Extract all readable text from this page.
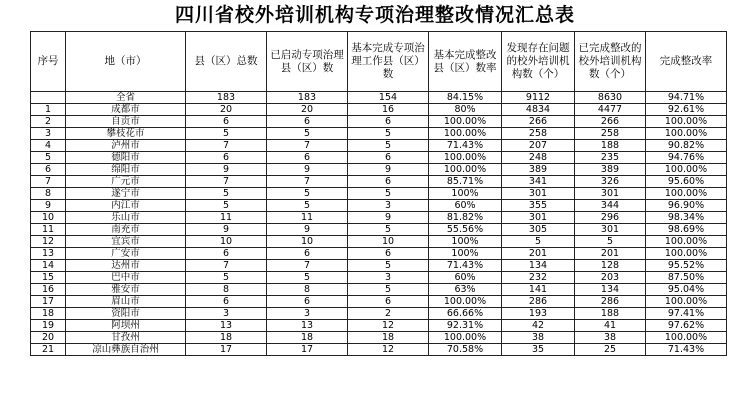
四川省校外培训机构专项治理整改情况汇总表
序号	地（市）	县（区）总数	已启动专项治理县（区）数	基本完成专项治理工作县（区）数	基本完成整改县（区）数率	发现存在问题的校外培训机构数（个）	已完成整改的校外培训机构数（个）	完成整改率
	全省	183	183	154	84.15%	9112	8630	94.71%
1	成都市	20	20	16	80%	4834	4477	92.61%
2	自贡市	6	6	6	100.00%	266	266	100.00%
3	攀枝花市	5	5	5	100.00%	258	258	100.00%
4	泸州市	7	7	5	71.43%	207	188	90.82%
5	德阳市	6	6	6	100.00%	248	235	94.76%
6	绵阳市	9	9	9	100.00%	389	389	100.00%
7	广元市	7	7	6	85.71%	341	326	95.60%
8	遂宁市	5	5	5	100%	301	301	100.00%
9	内江市	5	5	3	60%	355	344	96.90%
10	乐山市	11	11	9	81.82%	301	296	98.34%
11	南充市	9	9	5	55.56%	305	301	98.69%
12	宜宾市	10	10	10	100%	5	5	100.00%
13	广安市	6	6	6	100%	201	201	100.00%
14	达州市	7	7	5	71.43%	134	128	95.52%
15	巴中市	5	5	3	60%	232	203	87.50%
16	雅安市	8	8	5	63%	141	134	95.04%
17	眉山市	6	6	6	100.00%	286	286	100.00%
18	资阳市	3	3	2	66.66%	193	188	97.41%
19	阿坝州	13	13	12	92.31%	42	41	97.62%
20	甘孜州	18	18	18	100.00%	38	38	100.00%
21	凉山彝族自治州	17	17	12	70.58%	35	25	71.43%
